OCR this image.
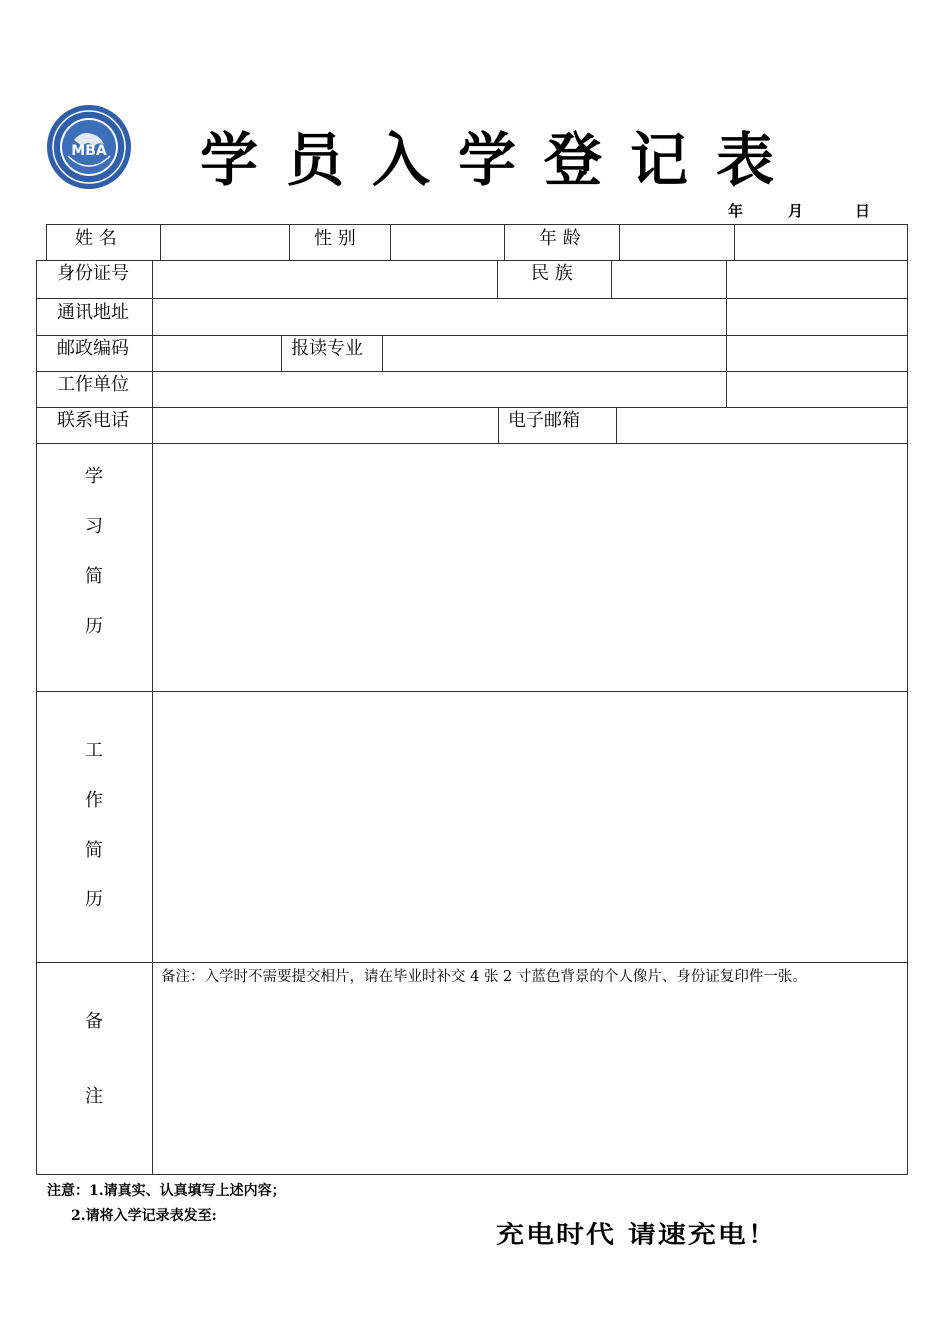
MBA 学员入学登记表
年	月	日
姓 名	性 别	年 龄
身份证号	民 族
通讯地址
邮政编码	报读专业
工作单位
联系电话	电子邮箱
学
习
简
历
工
作
简
历
备
注
备注：入学时不需要提交相片，请在毕业时补交 4 张 2 寸蓝色背景的个人像片、身份证复印件一张。
注意：1.请真实、认真填写上述内容；
2.请将入学记录表发至:
充电时代 请速充电！
